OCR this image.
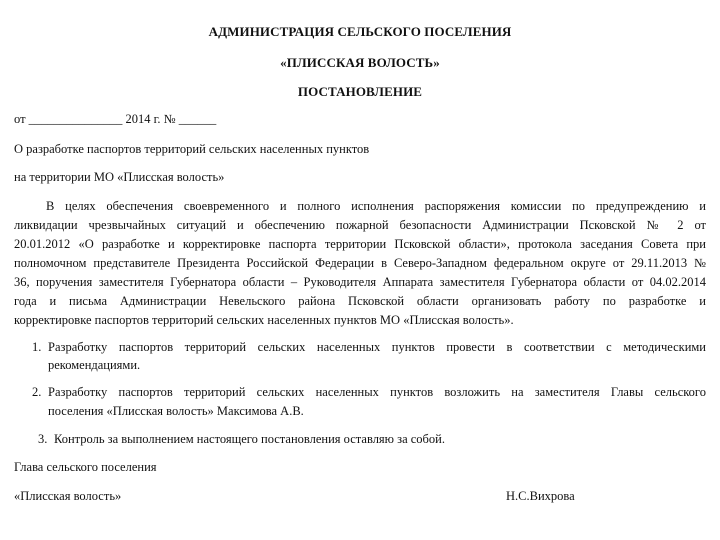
АДМИНИСТРАЦИЯ СЕЛЬСКОГО ПОСЕЛЕНИЯ
«ПЛИССКАЯ ВОЛОСТЬ»
ПОСТАНОВЛЕНИЕ
от _______________ 2014 г. № ______
О разработке паспортов территорий сельских населенных пунктов
на территории МО «Плисская волость»
В целях обеспечения своевременного и полного исполнения распоряжения комиссии по предупреждению и
ликвидации чрезвычайных ситуаций и обеспечению пожарной безопасности Администрации Псковской № 2 от
20.01.2012 «О разработке и корректировке паспорта территории Псковской области», протокола заседания Совета при
полномочном представителе Президента Российской Федерации в Северо-Западном федеральном округе от 29.11.2013 №
36, поручения заместителя Губернатора области – Руководителя Аппарата заместителя Губернатора области от 04.02.2014
года и письма Администрации Невельского района Псковской области организовать работу по разработке и
корректировке паспортов территорий сельских населенных пунктов МО «Плисская волость».
1. Разработку паспортов территорий сельских населенных пунктов провести в соответствии с методическими
рекомендациями.
2. Разработку паспортов территорий сельских населенных пунктов возложить на заместителя Главы сельского
поселения «Плисская волость» Максимова А.В.
3. Контроль за выполнением настоящего постановления оставляю за собой.
Глава сельского поселения
«Плисская волость»	Н.С.Вихрова
